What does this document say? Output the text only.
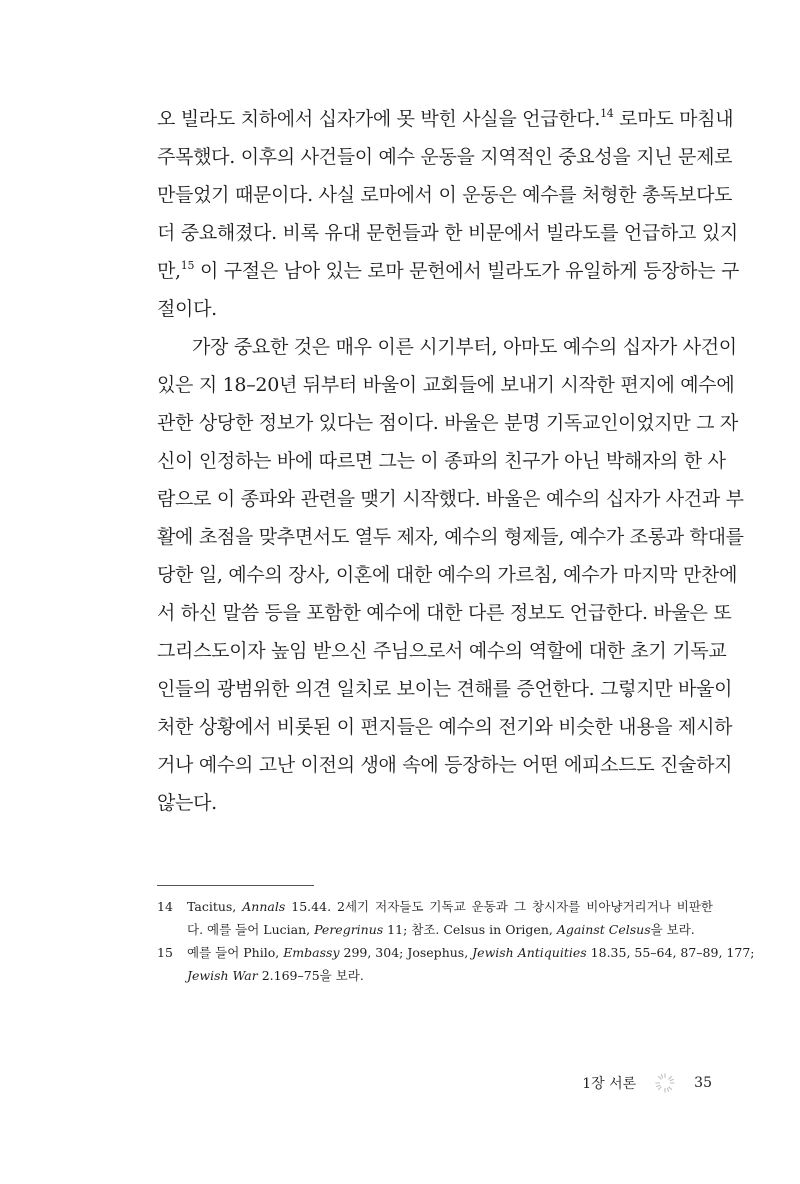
오 빌라도 치하에서 십자가에 못 박힌 사실을 언급한다.$^{14}$ 로마도 마침내
주목했다. 이후의 사건들이 예수 운동을 지역적인 중요성을 지닌 문제로
만들었기 때문이다. 사실 로마에서 이 운동은 예수를 처형한 총독보다도
더 중요해졌다. 비록 유대 문헌들과 한 비문에서 빌라도를 언급하고 있지
만,$^{15}$ 이 구절은 남아 있는 로마 문헌에서 빌라도가 유일하게 등장하는 구
절이다.
가장 중요한 것은 매우 이른 시기부터, 아마도 예수의 십자가 사건이
있은 지 18–20년 뒤부터 바울이 교회들에 보내기 시작한 편지에 예수에
관한 상당한 정보가 있다는 점이다. 바울은 분명 기독교인이었지만 그 자
신이 인정하는 바에 따르면 그는 이 종파의 친구가 아닌 박해자의 한 사
람으로 이 종파와 관련을 맺기 시작했다. 바울은 예수의 십자가 사건과 부
활에 초점을 맞추면서도 열두 제자, 예수의 형제들, 예수가 조롱과 학대를
당한 일, 예수의 장사, 이혼에 대한 예수의 가르침, 예수가 마지막 만찬에
서 하신 말씀 등을 포함한 예수에 대한 다른 정보도 언급한다. 바울은 또
그리스도이자 높임 받으신 주님으로서 예수의 역할에 대한 초기 기독교
인들의 광범위한 의견 일치로 보이는 견해를 증언한다. 그렇지만 바울이
처한 상황에서 비롯된 이 편지들은 예수의 전기와 비슷한 내용을 제시하
거나 예수의 고난 이전의 생애 속에 등장하는 어떤 에피소드도 진술하지
않는다.
14	Tacitus, Annals 15.44. 2세기 저자들도 기독교 운동과 그 창시자를 비아냥거리거나 비판한
다. 예를 들어 Lucian, Peregrinus 11; 참조. Celsus in Origen, Against Celsus을 보라.
15	예를 들어 Philo, Embassy 299, 304; Josephus, Jewish Antiquities 18.35, 55–64, 87–89, 177;
Jewish War 2.169–75을 보라.
1장 서론	35
